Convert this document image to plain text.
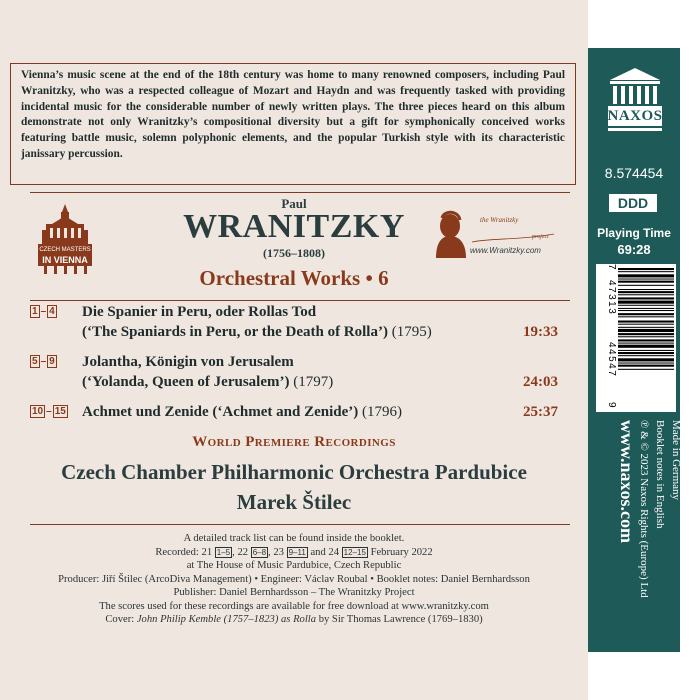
Vienna’s music scene at the end of the 18th century was home to many renowned composers, including Paul Wranitzky, who was a respected colleague of Mozart and Haydn and was frequently tasked with providing incidental music for the considerable number of newly written plays. The three pieces heard on this album demonstrate not only Wranitzky’s compositional diversity but a gift for symphonically conceived works featuring battle music, solemn polyphonic elements, and the popular Turkish style with its characteristic janissary percussion.
CZECH MASTERS
IN VIENNA
the Wranitzky
project
www.Wranitzky.com
Paul
WRANITZKY
(1756–1808)
Orchestral Works • 6
1 – 4 Die Spanier in Peru, oder Rollas Tod
(‘The Spaniards in Peru, or the Death of Rolla’) (1795)	19:33
5 – 9 Jolantha, Königin von Jerusalem
(‘Yolanda, Queen of Jerusalem’) (1797)	24:03
10 – 15 Achmet und Zenide (‘Achmet and Zenide’) (1796)	25:37
World Premiere Recordings
Czech Chamber Philharmonic Orchestra Pardubice
Marek Štilec
A detailed track list can be found inside the booklet.
Recorded: 21 1–5 , 22 6–8 , 23 9–11 and 24 12–15 February 2022
at The House of Music Pardubice, Czech Republic
Producer: Jiří Štilec (ArcoDiva Management) • Engineer: Václav Roubal • Booklet notes: Daniel Bernhardsson
Publisher: Daniel Bernhardsson – The Wranitzky Project
The scores used for these recordings are available for free download at www.wranitzky.com
Cover: John Philip Kemble (1757–1823) as Rolla by Sir Thomas Lawrence (1769–1830)
NAXOS
8.574454
DDD
Playing Time
69:28
7
47313
44547
9
www.naxos.com ℗ & © 2023 Naxos Rights (Europe) Ltd Booklet notes in English Made in Germany
